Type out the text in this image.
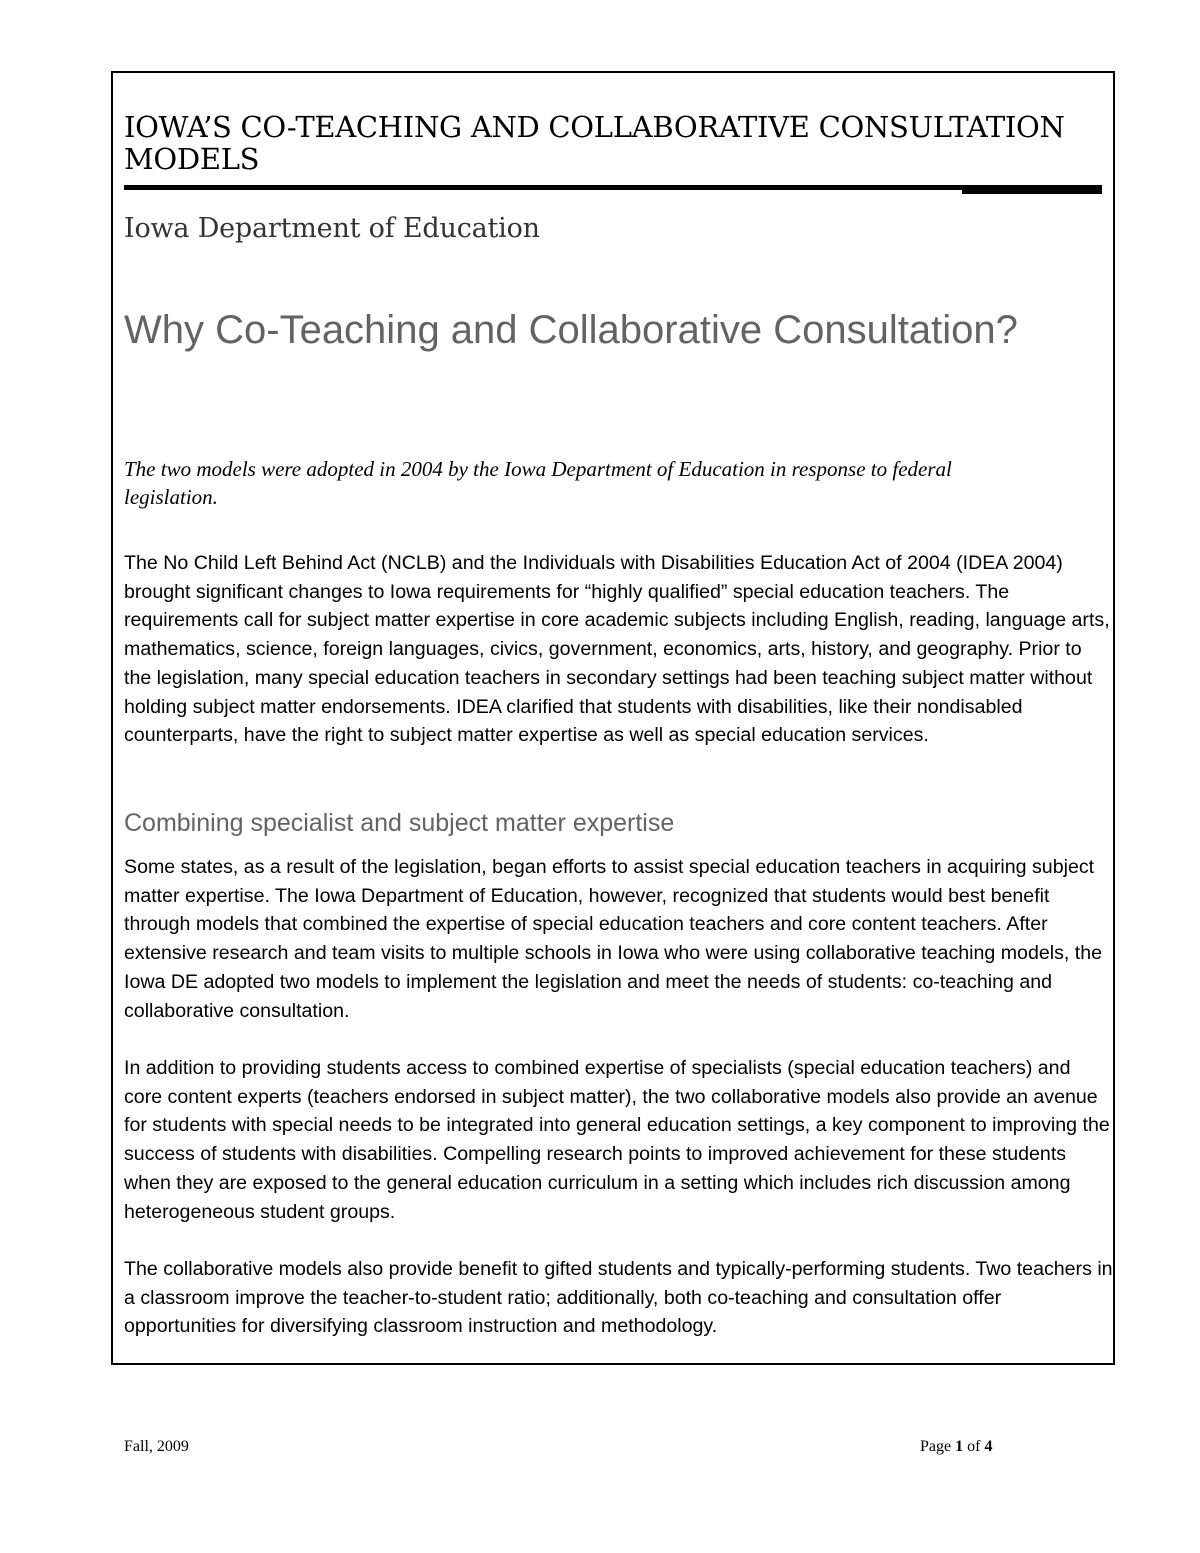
IOWA’S CO-TEACHING AND COLLABORATIVE CONSULTATION MODELS

Iowa Department of Education

Why Co-Teaching and Collaborative Consultation?

The two models were adopted in 2004 by the Iowa Department of Education in response to federal legislation.

The No Child Left Behind Act (NCLB) and the Individuals with Disabilities Education Act of 2004 (IDEA 2004) brought significant changes to Iowa requirements for “highly qualified” special education teachers. The requirements call for subject matter expertise in core academic subjects including English, reading, language arts, mathematics, science, foreign languages, civics, government, economics, arts, history, and geography. Prior to the legislation, many special education teachers in secondary settings had been teaching subject matter without holding subject matter endorsements. IDEA clarified that students with disabilities, like their nondisabled counterparts, have the right to subject matter expertise as well as special education services.

Combining specialist and subject matter expertise

Some states, as a result of the legislation, began efforts to assist special education teachers in acquiring subject matter expertise. The Iowa Department of Education, however, recognized that students would best benefit through models that combined the expertise of special education teachers and core content teachers. After extensive research and team visits to multiple schools in Iowa who were using collaborative teaching models, the Iowa DE adopted two models to implement the legislation and meet the needs of students: co-teaching and collaborative consultation.

In addition to providing students access to combined expertise of specialists (special education teachers) and core content experts (teachers endorsed in subject matter), the two collaborative models also provide an avenue for students with special needs to be integrated into general education settings, a key component to improving the success of students with disabilities. Compelling research points to improved achievement for these students when they are exposed to the general education curriculum in a setting which includes rich discussion among heterogeneous student groups.

The collaborative models also provide benefit to gifted students and typically-performing students. Two teachers in a classroom improve the teacher-to-student ratio; additionally, both co-teaching and consultation offer opportunities for diversifying classroom instruction and methodology.

Fall, 2009	Page 1 of 4
